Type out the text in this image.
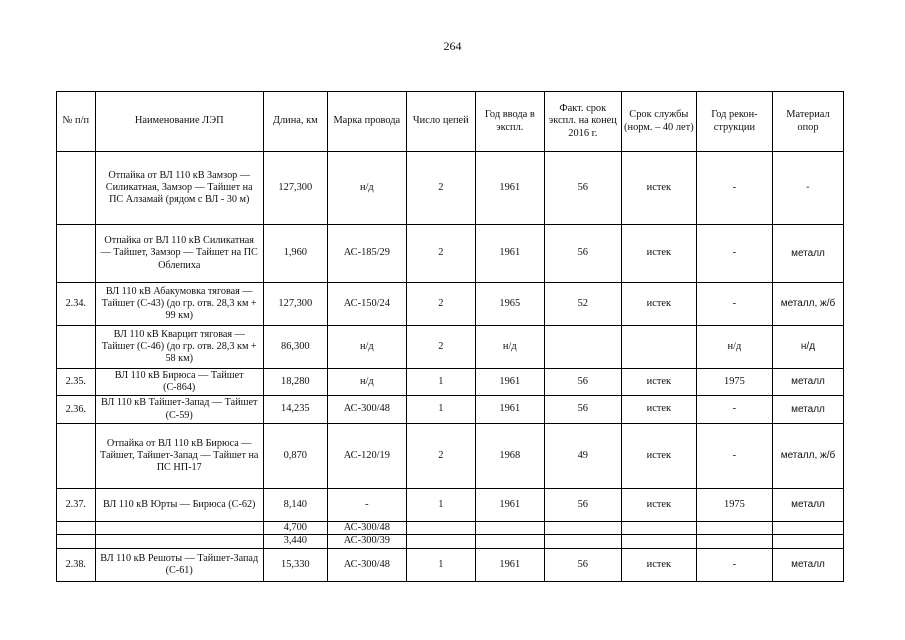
264
№ п/п	Наименование ЛЭП	Длина, км	Марка провода	Число цепей	Год ввода в экспл.	Факт. срок экспл. на конец 2016 г.	Срок службы (норм. – 40 лет)	Год рекон-струкции	Материал опор
	Отпайка от ВЛ 110 кВ Замзор — Силикатная, Замзор — Тайшет на ПС Алзамай (рядом с ВЛ - 30 м)	127,300	н/д	2	1961	56	истек	-	-
	Отпайка от ВЛ 110 кВ Силикатная — Тайшет, Замзор — Тайшет на ПС Облепиха	1,960	АС-185/29	2	1961	56	истек	-	металл
2.34.	ВЛ 110 кВ Абакумовка тяговая — Тайшет (С-43) (до гр. отв. 28,3 км + 99 км)	127,300	АС-150/24	2	1965	52	истек	-	металл, ж/б
	ВЛ 110 кВ Кварцит тяговая — Тайшет (С-46) (до гр. отв. 28,3 км + 58 км)	86,300	н/д	2	н/д			н/д	н/д
2.35.	ВЛ 110 кВ Бирюса — Тайшет (С-864)	18,280	н/д	1	1961	56	истек	1975	металл
2.36.	ВЛ 110 кВ Тайшет-Запад — Тайшет (С-59)	14,235	АС-300/48	1	1961	56	истек	-	металл
	Отпайка от ВЛ 110 кВ Бирюса — Тайшет, Тайшет-Запад — Тайшет на ПС НП-17	0,870	АС-120/19	2	1968	49	истек	-	металл, ж/б
2.37.	ВЛ 110 кВ Юрты — Бирюса (С-62)	8,140	-	1	1961	56	истек	1975	металл
		4,700	АС-300/48						
		3,440	АС-300/39						
2.38.	ВЛ 110 кВ Решоты — Тайшет-Запад (С-61)	15,330	АС-300/48	1	1961	56	истек	-	металл
